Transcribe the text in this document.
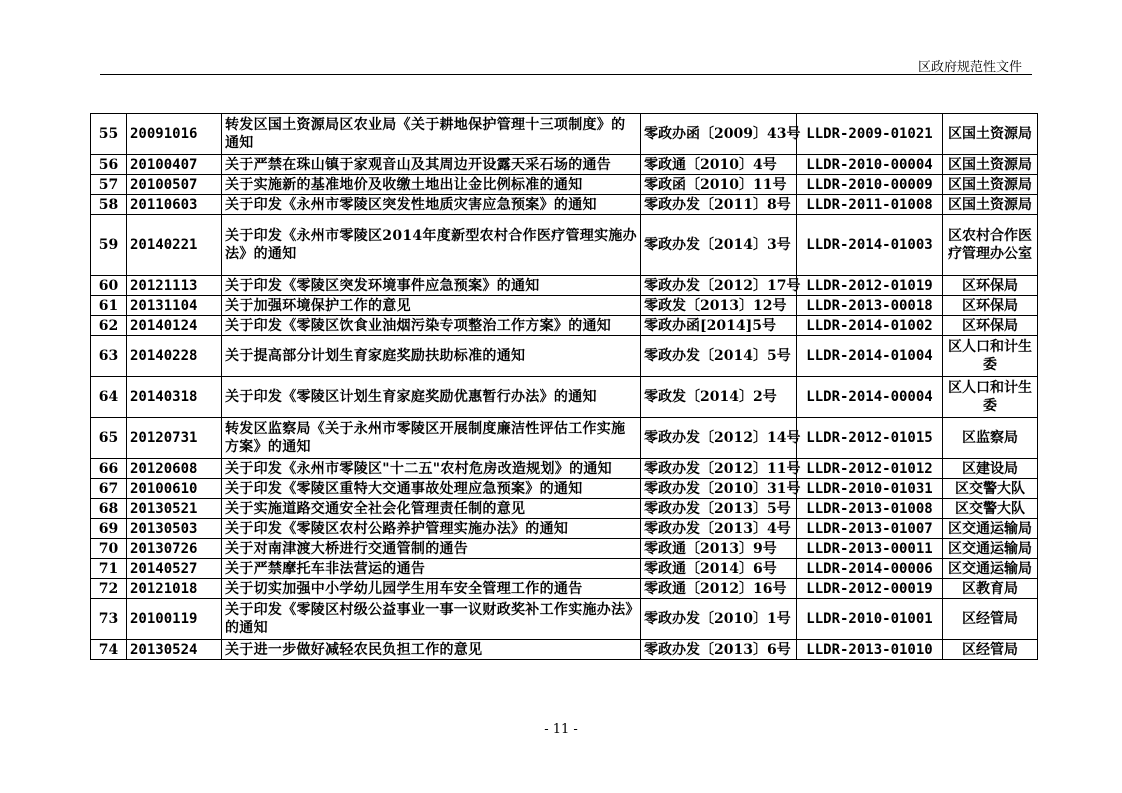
区政府规范性文件
55	20091016	转发区国土资源局区农业局《关于耕地保护管理十三项制度》的通知	零政办函〔2009〕43号	LLDR-2009-01021	区国土资源局
56	20100407	关于严禁在珠山镇于家观音山及其周边开设露天采石场的通告	零政通〔2010〕4号	LLDR-2010-00004	区国土资源局
57	20100507	关于实施新的基准地价及收缴土地出让金比例标准的通知	零政函〔2010〕11号	LLDR-2010-00009	区国土资源局
58	20110603	关于印发《永州市零陵区突发性地质灾害应急预案》的通知	零政办发〔2011〕8号	LLDR-2011-01008	区国土资源局
59	20140221	关于印发《永州市零陵区2014年度新型农村合作医疗管理实施办法》的通知	零政办发〔2014〕3号	LLDR-2014-01003	区农村合作医疗管理办公室
60	20121113	关于印发《零陵区突发环境事件应急预案》的通知	零政办发〔2012〕17号	LLDR-2012-01019	区环保局
61	20131104	关于加强环境保护工作的意见	零政发〔2013〕12号	LLDR-2013-00018	区环保局
62	20140124	关于印发《零陵区饮食业油烟污染专项整治工作方案》的通知	零政办函[2014]5号	LLDR-2014-01002	区环保局
63	20140228	关于提高部分计划生育家庭奖励扶助标准的通知	零政办发〔2014〕5号	LLDR-2014-01004	区人口和计生委
64	20140318	关于印发《零陵区计划生育家庭奖励优惠暂行办法》的通知	零政发〔2014〕2号	LLDR-2014-00004	区人口和计生委
65	20120731	转发区监察局《关于永州市零陵区开展制度廉洁性评估工作实施方案》的通知	零政办发〔2012〕14号	LLDR-2012-01015	区监察局
66	20120608	关于印发《永州市零陵区"十二五"农村危房改造规划》的通知	零政办发〔2012〕11号	LLDR-2012-01012	区建设局
67	20100610	关于印发《零陵区重特大交通事故处理应急预案》的通知	零政办发〔2010〕31号	LLDR-2010-01031	区交警大队
68	20130521	关于实施道路交通安全社会化管理责任制的意见	零政办发〔2013〕5号	LLDR-2013-01008	区交警大队
69	20130503	关于印发《零陵区农村公路养护管理实施办法》的通知	零政办发〔2013〕4号	LLDR-2013-01007	区交通运输局
70	20130726	关于对南津渡大桥进行交通管制的通告	零政通〔2013〕9号	LLDR-2013-00011	区交通运输局
71	20140527	关于严禁摩托车非法营运的通告	零政通〔2014〕6号	LLDR-2014-00006	区交通运输局
72	20121018	关于切实加强中小学幼儿园学生用车安全管理工作的通告	零政通〔2012〕16号	LLDR-2012-00019	区教育局
73	20100119	关于印发《零陵区村级公益事业一事一议财政奖补工作实施办法》的通知	零政办发〔2010〕1号	LLDR-2010-01001	区经管局
74	20130524	关于进一步做好减轻农民负担工作的意见	零政办发〔2013〕6号	LLDR-2013-01010	区经管局
- 11 -
